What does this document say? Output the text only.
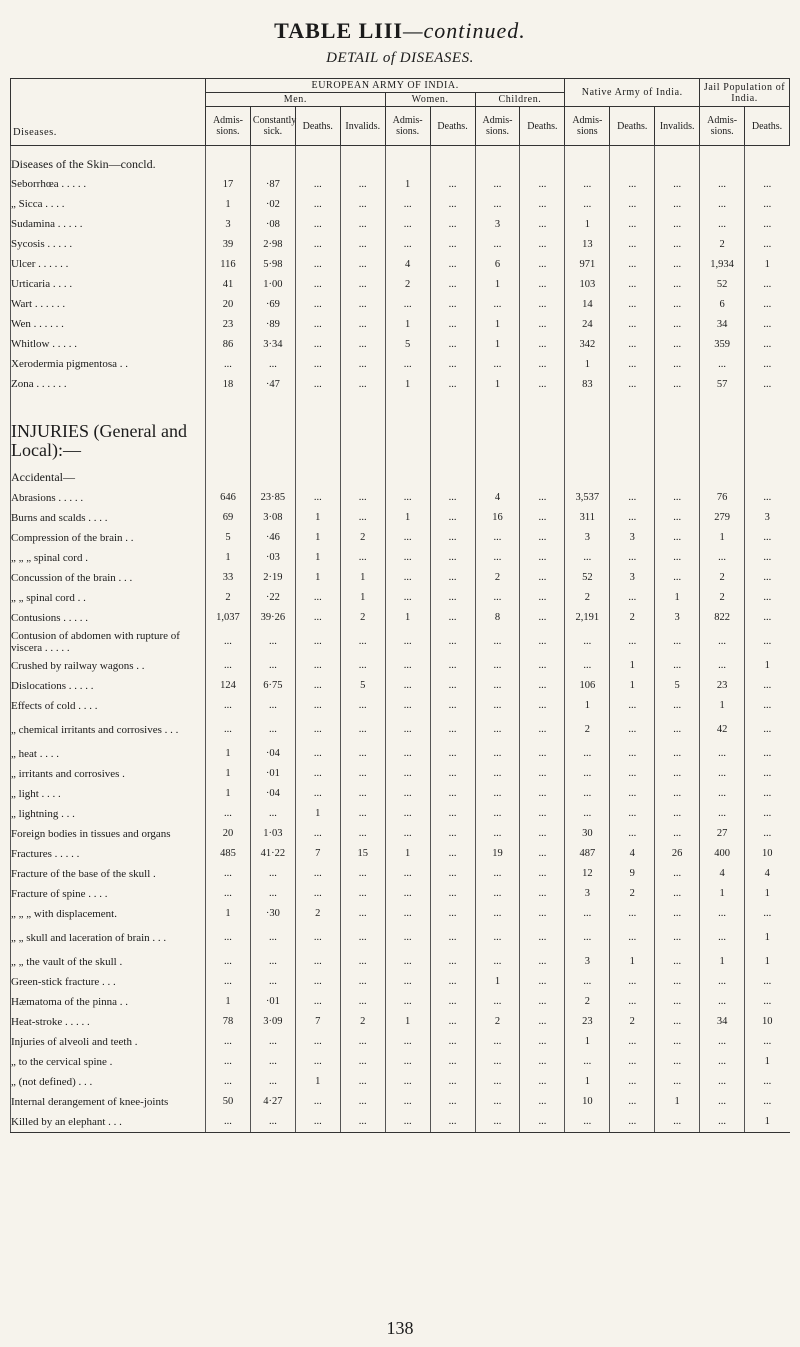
TABLE LIII—continued.
DETAIL of DISEASES.
Diseases.	EUROPEAN ARMY OF INDIA.								Native Army of India.			Jail Population of India.	
	Men.				Women.		Children.						
	Admis-sions.	Constantly sick.	Deaths.	Invalids.	Admis-sions.	Deaths.	Admis-sions.	Deaths.	Admis-sions	Deaths.	Invalids.	Admis-sions.	Deaths.
Diseases of the Skin—concld.													
Seborrhœa . . . . .	17	·87	...	...	1	...	...	...	...	...	...	...	...
„ Sicca . . . .	1	·02	...	...	...	...	...	...	...	...	...	...	...
Sudamina . . . . .	3	·08	...	...	...	...	3	...	1	...	...	...	...
Sycosis . . . . .	39	2·98	...	...	...	...	...	...	13	...	...	2	...
Ulcer . . . . . .	116	5·98	...	...	4	...	6	...	971	...	...	1,934	1
Urticaria . . . .	41	1·00	...	...	2	...	1	...	103	...	...	52	...
Wart . . . . . .	20	·69	...	...	...	...	...	...	14	...	...	6	...
Wen . . . . . .	23	·89	...	...	1	...	1	...	24	...	...	34	...
Whitlow . . . . .	86	3·34	...	...	5	...	1	...	342	...	...	359	...
Xerodermia pigmentosa . .	...	...	...	...	...	...	...	...	1	...	...	...	...
Zona . . . . . .	18	·47	...	...	1	...	1	...	83	...	...	57	...
INJURIES (General and Local):—													
Accidental—													
Abrasions . . . . .	646	23·85	...	...	...	...	4	...	3,537	...	...	76	...
Burns and scalds . . . .	69	3·08	1	...	1	...	16	...	311	...	...	279	3
Compression of the brain . .	5	·46	1	2	...	...	...	...	3	3	...	1	...
„ „ „ spinal cord .	1	·03	1	...	...	...	...	...	...	...	...	...	...
Concussion of the brain . . .	33	2·19	1	1	...	...	2	...	52	3	...	2	...
„ „ spinal cord . .	2	·22	...	1	...	...	...	...	2	...	1	2	...
Contusions . . . . .	1,037	39·26	...	2	1	...	8	...	2,191	2	3	822	...
Contusion of abdomen with rupture of viscera . . . . .	...	...	...	...	...	...	...	...	...	...	...	...	...
Crushed by railway wagons . .	...	...	...	...	...	...	...	...	...	1	...	...	1
Dislocations . . . . .	124	6·75	...	5	...	...	...	...	106	1	5	23	...
Effects of cold . . . .	...	...	...	...	...	...	...	...	1	...	...	1	...
„ chemical irritants and corrosives . . .	...	...	...	...	...	...	...	...	2	...	...	42	...
„ heat . . . .	1	·04	...	...	...	...	...	...	...	...	...	...	...
„ irritants and corrosives .	1	·01	...	...	...	...	...	...	...	...	...	...	...
„ light . . . .	1	·04	...	...	...	...	...	...	...	...	...	...	...
„ lightning . . .	...	...	1	...	...	...	...	...	...	...	...	...	...
Foreign bodies in tissues and organs	20	1·03	...	...	...	...	...	...	30	...	...	27	...
Fractures . . . . .	485	41·22	7	15	1	...	19	...	487	4	26	400	10
Fracture of the base of the skull .	...	...	...	...	...	...	...	...	12	9	...	4	4
Fracture of spine . . . .	...	...	...	...	...	...	...	...	3	2	...	1	1
„ „ „ with displacement.	1	·30	2	...	...	...	...	...	...	...	...	...	...
„ „ skull and laceration of brain . . .	...	...	...	...	...	...	...	...	...	...	...	...	1
„ „ the vault of the skull .	...	...	...	...	...	...	...	...	3	1	...	1	1
Green-stick fracture . . .	...	...	...	...	...	...	1	...	...	...	...	...	...
Hæmatoma of the pinna . .	1	·01	...	...	...	...	...	...	2	...	...	...	...
Heat-stroke . . . . .	78	3·09	7	2	1	...	2	...	23	2	...	34	10
Injuries of alveoli and teeth .	...	...	...	...	...	...	...	...	1	...	...	...	...
„ to the cervical spine .	...	...	...	...	...	...	...	...	...	...	...	...	1
„ (not defined) . . .	...	...	1	...	...	...	...	...	1	...	...	...	...
Internal derangement of knee-joints	50	4·27	...	...	...	...	...	...	10	...	1	...	...
Killed by an elephant . . .	...	...	...	...	...	...	...	...	...	...	...	...	1
138
